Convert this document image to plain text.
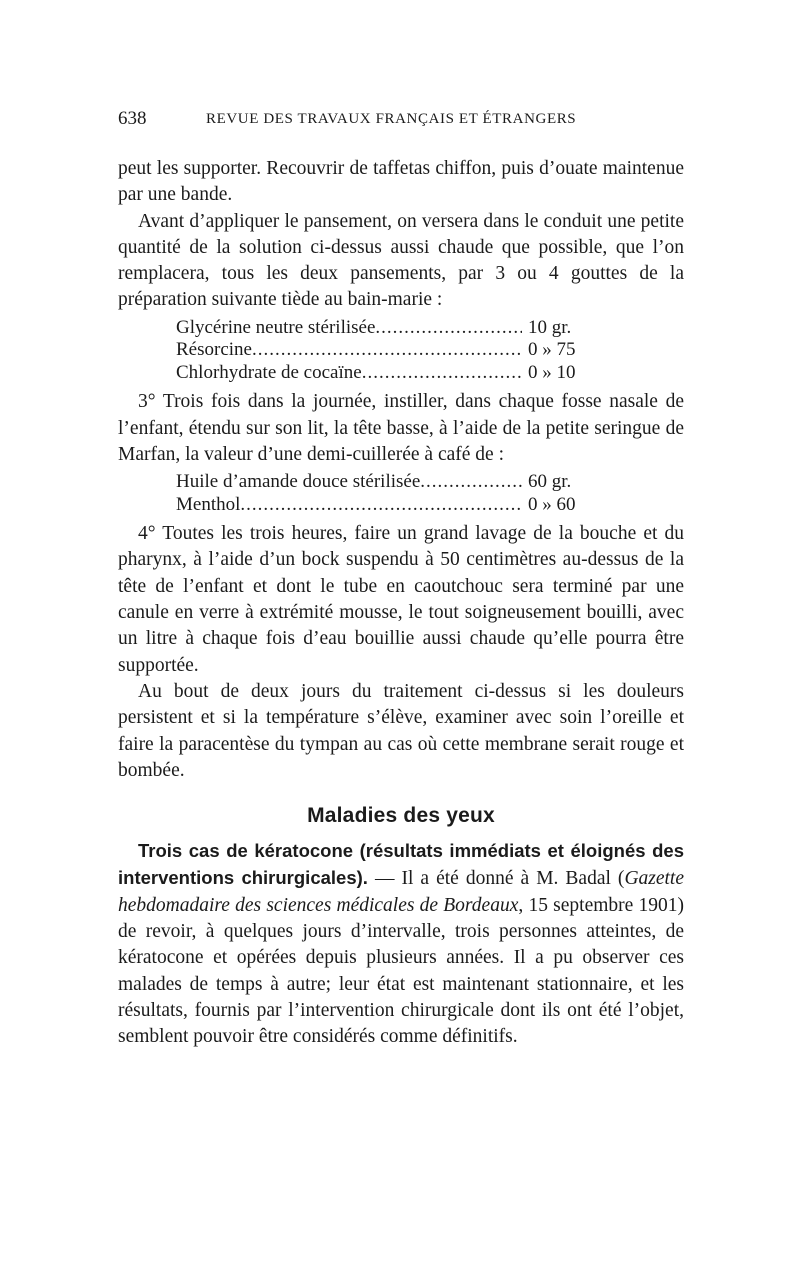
638	REVUE DES TRAVAUX FRANÇAIS ET ÉTRANGERS

peut les supporter. Recouvrir de taffetas chiffon, puis d’ouate maintenue par une bande.

Avant d’appliquer le pansement, on versera dans le conduit une petite quantité de la solution ci-dessus aussi chaude que possible, que l’on remplacera, tous les deux pansements, par 3 ou 4 gouttes de la préparation suivante tiède au bain-marie :

Glycérine neutre stérilisée .....	10 gr.
Résorcine .....	0 » 75
Chlorhydrate de cocaïne .....	0 » 10

3° Trois fois dans la journée, instiller, dans chaque fosse nasale de l’enfant, étendu sur son lit, la tête basse, à l’aide de la petite seringue de Marfan, la valeur d’une demi-cuillerée à café de :

Huile d’amande douce stérilisée .....	60 gr.
Menthol .....	0 » 60

4° Toutes les trois heures, faire un grand lavage de la bouche et du pharynx, à l’aide d’un bock suspendu à 50 centimètres au-dessus de la tête de l’enfant et dont le tube en caoutchouc sera terminé par une canule en verre à extrémité mousse, le tout soigneusement bouilli, avec un litre à chaque fois d’eau bouillie aussi chaude qu’elle pourra être supportée.

Au bout de deux jours du traitement ci-dessus si les douleurs persistent et si la température s’élève, examiner avec soin l’oreille et faire la paracentèse du tympan au cas où cette membrane serait rouge et bombée.

Maladies des yeux

Trois cas de kératocone (résultats immédiats et éloignés des interventions chirurgicales). — Il a été donné à M. Badal (Gazette hebdomadaire des sciences médicales de Bordeaux, 15 septembre 1901) de revoir, à quelques jours d’intervalle, trois personnes atteintes, de kératocone et opérées depuis plusieurs années. Il a pu observer ces malades de temps à autre; leur état est maintenant stationnaire, et les résultats, fournis par l’intervention chirurgicale dont ils ont été l’objet, semblent pouvoir être considérés comme définitifs.
